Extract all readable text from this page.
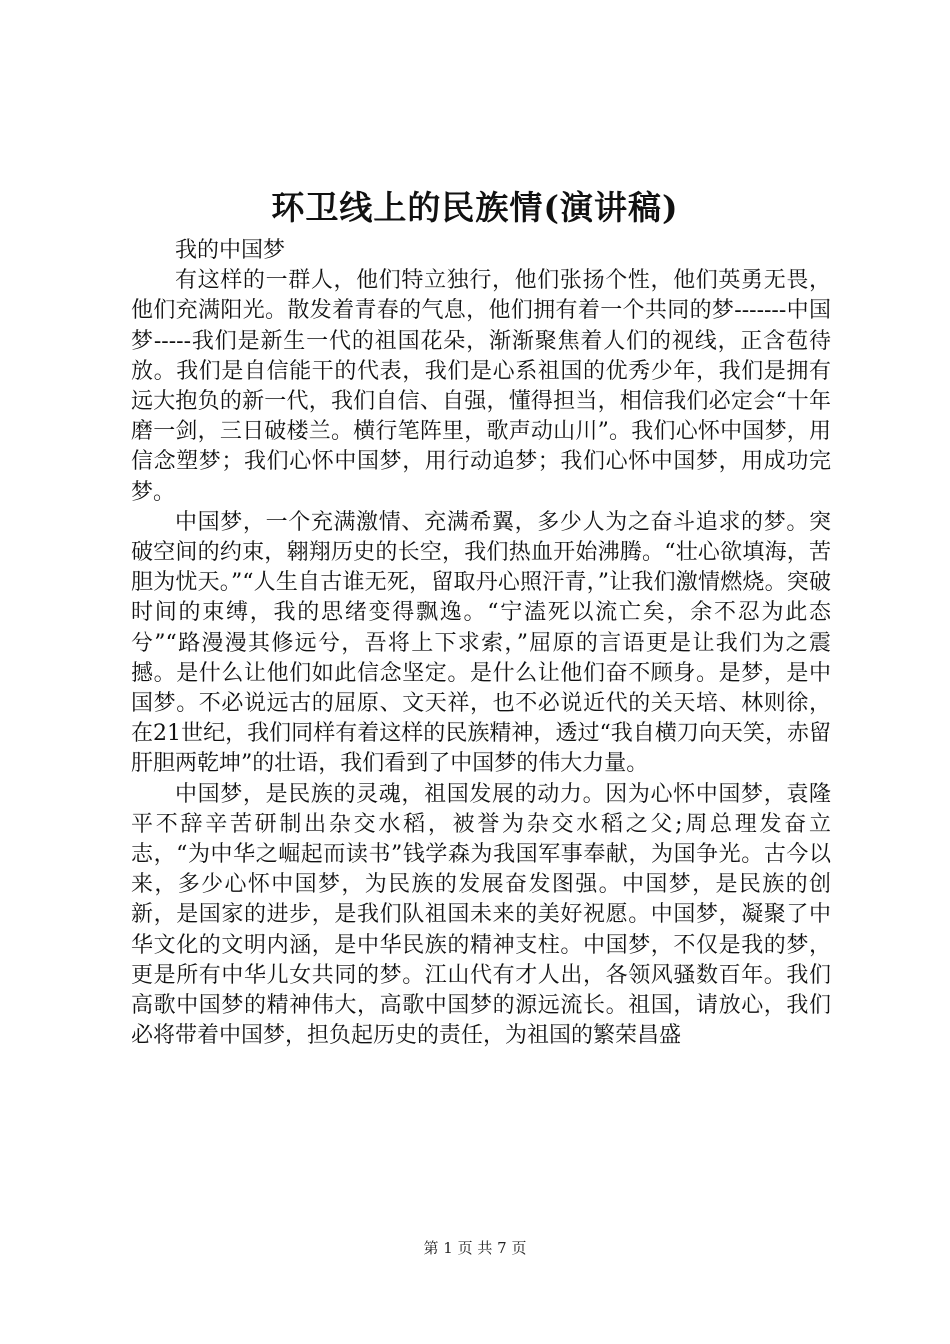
环卫线上的民族情(演讲稿)

我的中国梦

有这样的一群人，他们特立独行，他们张扬个性，他们英勇无畏，他们充满阳光。散发着青春的气息，他们拥有着一个共同的梦-------中国梦-----我们是新生一代的祖国花朵，渐渐聚焦着人们的视线，正含苞待放。我们是自信能干的代表，我们是心系祖国的优秀少年，我们是拥有远大抱负的新一代，我们自信、自强，懂得担当，相信我们必定会“十年磨一剑，三日破楼兰。横行笔阵里，歌声动山川”。我们心怀中国梦，用信念塑梦；我们心怀中国梦，用行动追梦；我们心怀中国梦，用成功完梦。

中国梦，一个充满激情、充满希翼，多少人为之奋斗追求的梦。突破空间的约束，翱翔历史的长空，我们热血开始沸腾。“壮心欲填海，苦胆为忧天。”“人生自古谁无死，留取丹心照汗青，”让我们激情燃烧。突破时间的束缚，我的思绪变得飘逸。“宁溘死以流亡矣，余不忍为此态兮”“路漫漫其修远兮，吾将上下求索，”屈原的言语更是让我们为之震撼。是什么让他们如此信念坚定。是什么让他们奋不顾身。是梦，是中国梦。不必说远古的屈原、文天祥，也不必说近代的关天培、林则徐，在21世纪，我们同样有着这样的民族精神，透过“我自横刀向天笑，赤留肝胆两乾坤”的壮语，我们看到了中国梦的伟大力量。

中国梦，是民族的灵魂，祖国发展的动力。因为心怀中国梦，袁隆平不辞辛苦研制出杂交水稻，被誉为杂交水稻之父;周总理发奋立志，“为中华之崛起而读书”钱学森为我国军事奉献，为国争光。古今以来，多少心怀中国梦，为民族的发展奋发图强。中国梦，是民族的创新，是国家的进步，是我们队祖国未来的美好祝愿。中国梦，凝聚了中华文化的文明内涵，是中华民族的精神支柱。中国梦，不仅是我的梦，更是所有中华儿女共同的梦。江山代有才人出，各领风骚数百年。我们高歌中国梦的精神伟大，高歌中国梦的源远流长。祖国，请放心，我们必将带着中国梦，担负起历史的责任，为祖国的繁荣昌盛

第 1 页 共 7 页
